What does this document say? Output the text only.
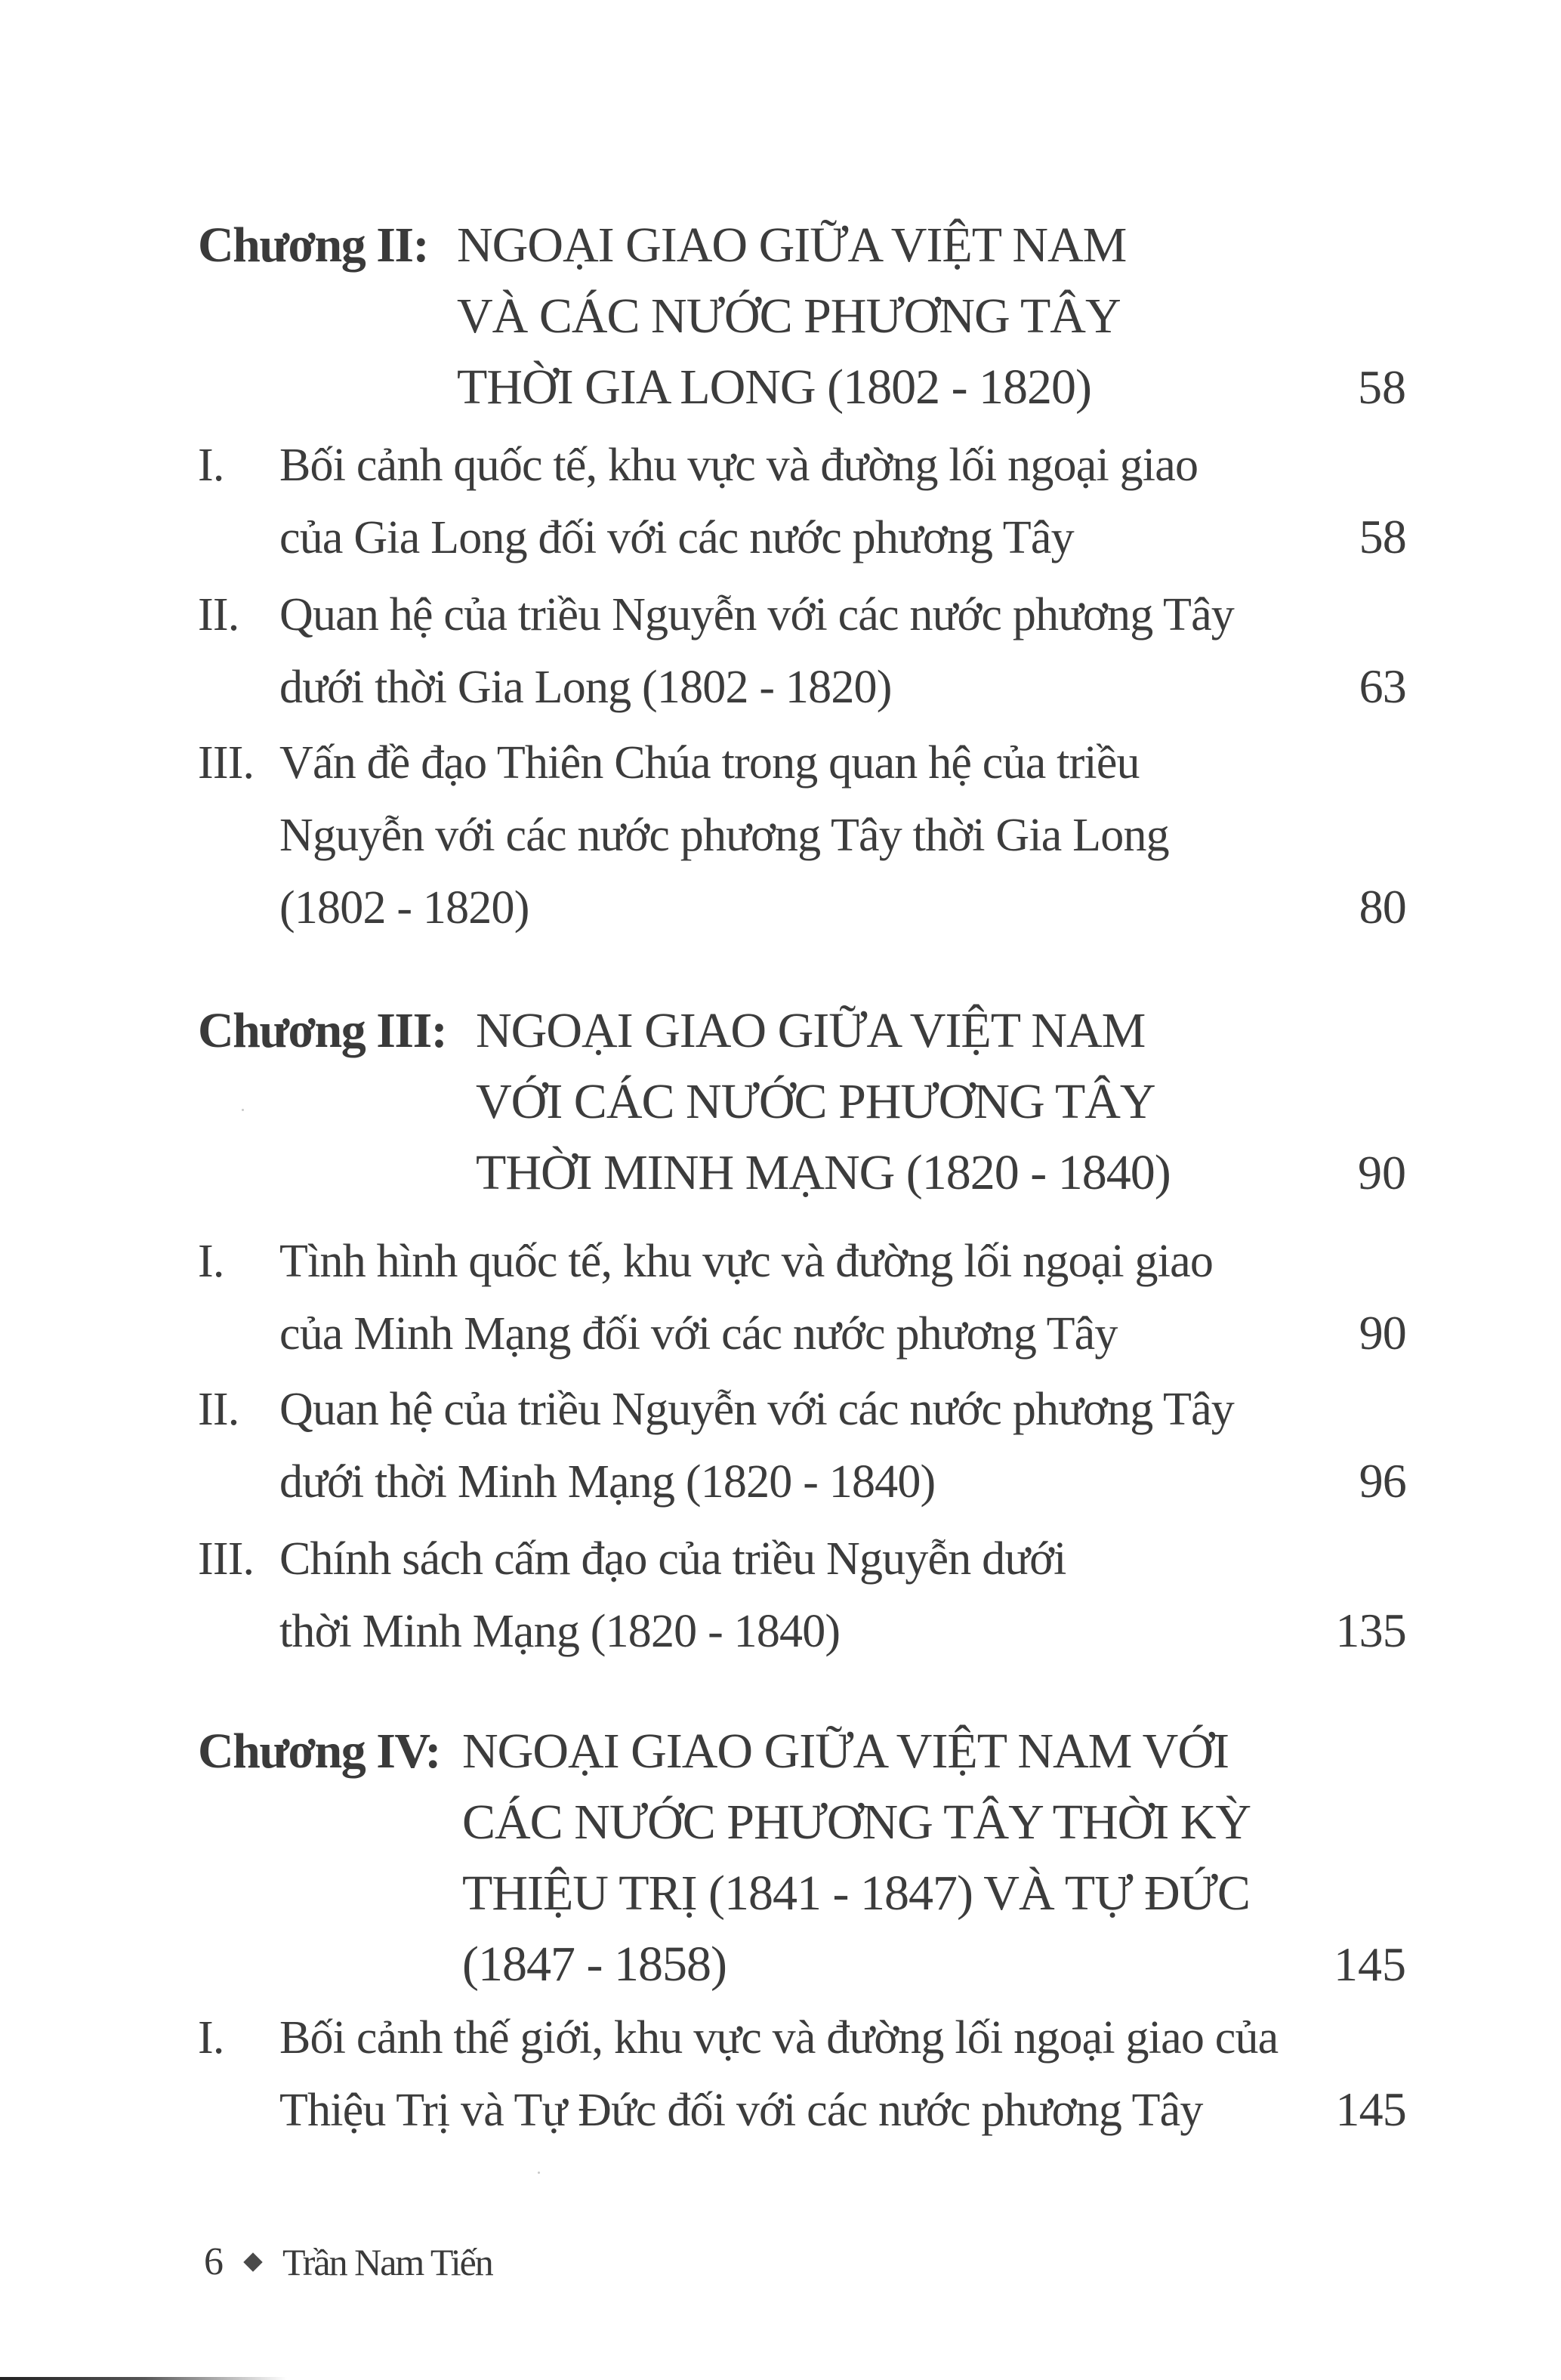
Chương II: NGOẠI GIAO GIỮA VIỆT NAM
VÀ CÁC NƯỚC PHƯƠNG TÂY
THỜI GIA LONG (1802 - 1820)	58
I.	Bối cảnh quốc tế, khu vực và đường lối ngoại giao
của Gia Long đối với các nước phương Tây	58
II. Quan hệ của triều Nguyễn với các nước phương Tây
dưới thời Gia Long (1802 - 1820)	63
III. Vấn đề đạo Thiên Chúa trong quan hệ của triều
Nguyễn với các nước phương Tây thời Gia Long
(1802 - 1820)	80
Chương III: NGOẠI GIAO GIỮA VIỆT NAM
VỚI CÁC NƯỚC PHƯƠNG TÂY
THỜI MINH MẠNG (1820 - 1840)	90
I.	Tình hình quốc tế, khu vực và đường lối ngoại giao
của Minh Mạng đối với các nước phương Tây	90
II. Quan hệ của triều Nguyễn với các nước phương Tây
dưới thời Minh Mạng (1820 - 1840)	96
III. Chính sách cấm đạo của triều Nguyễn dưới
thời Minh Mạng (1820 - 1840)	135
Chương IV: NGOẠI GIAO GIỮA VIỆT NAM VỚI
CÁC NƯỚC PHƯƠNG TÂY THỜI KỲ
THIỆU TRỊ (1841 - 1847) VÀ TỰ ĐỨC
(1847 - 1858)	145
I.	Bối cảnh thế giới, khu vực và đường lối ngoại giao của
Thiệu Trị và Tự Đức đối với các nước phương Tây	145
6 Trần Nam Tiến
